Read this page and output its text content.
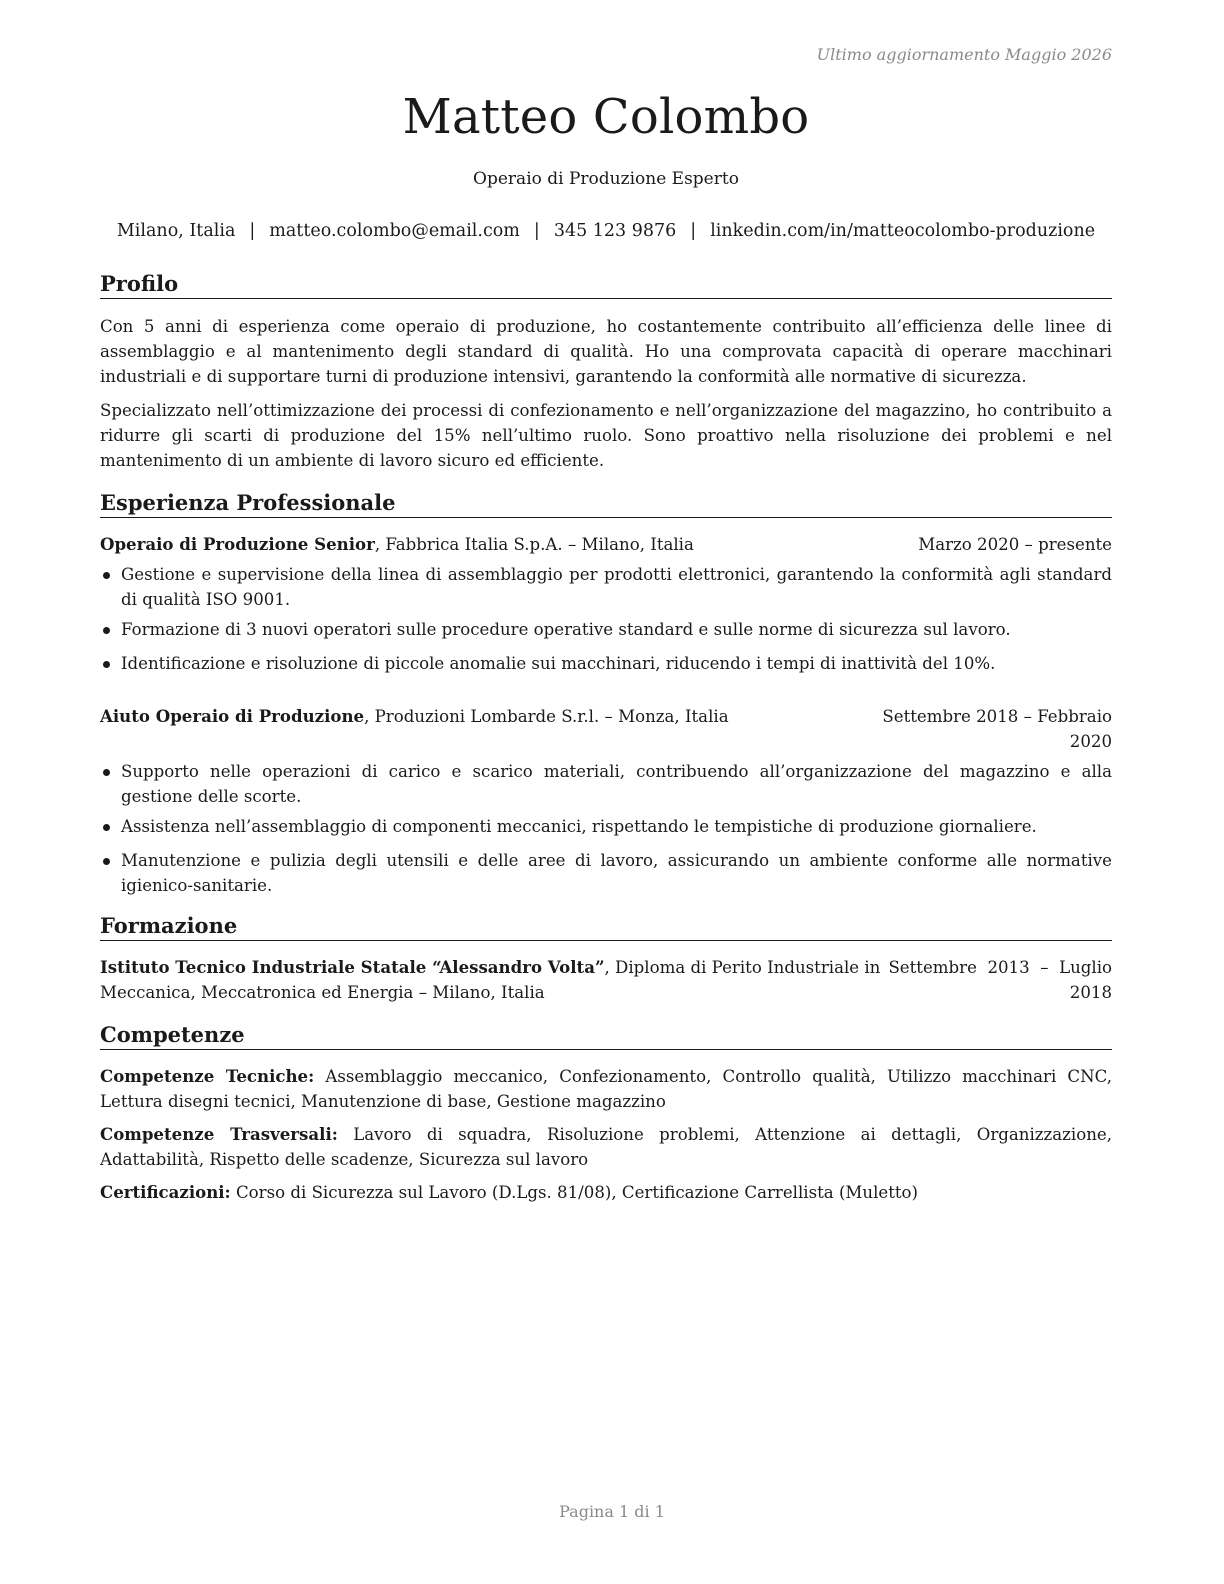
Ultimo aggiornamento Maggio 2026
Matteo Colombo
Operaio di Produzione Esperto
Milano, Italia | matteo.colombo@email.com | 345 123 9876 | linkedin.com/in/matteocolombo-produzione
Profilo

Con 5 anni di esperienza come operaio di produzione, ho costantemente contribuito all’efficienza delle linee di assemblaggio e al mantenimento degli standard di qualità. Ho una comprovata capacità di operare macchinari industriali e di supportare turni di produzione intensivi, garantendo la conformità alle normative di sicurezza.

Specializzato nell’ottimizzazione dei processi di confezionamento e nell’organizzazione del magazzino, ho contribuito a ridurre gli scarti di produzione del 15% nell’ultimo ruolo. Sono proattivo nella risoluzione dei problemi e nel mantenimento di un ambiente di lavoro sicuro ed efficiente.

Esperienza Professionale
Operaio di Produzione Senior, Fabbrica Italia S.p.A. – Milano, Italia	Marzo 2020 – presente
Gestione e supervisione della linea di assemblaggio per prodotti elettronici, garantendo la conformità agli standard di qualità ISO 9001.
Formazione di 3 nuovi operatori sulle procedure operative standard e sulle norme di sicurezza sul lavoro.
Identificazione e risoluzione di piccole anomalie sui macchinari, riducendo i tempi di inattività del 10%.
Aiuto Operaio di Produzione, Produzioni Lombarde S.r.l. – Monza, Italia	Settembre 2018 – Febbraio
2020
Supporto nelle operazioni di carico e scarico materiali, contribuendo all’organizzazione del magazzino e alla gestione delle scorte.
Assistenza nell’assemblaggio di componenti meccanici, rispettando le tempistiche di produzione giornaliere.
Manutenzione e pulizia degli utensili e delle aree di lavoro, assicurando un ambiente conforme alle normative igienico-sanitarie.
Formazione
Istituto Tecnico Industriale Statale “Alessandro Volta”, Diploma di Perito Industriale in
Meccanica, Meccatronica ed Energia – Milano, Italia
Settembre  2013  –  Luglio
2018
Competenze

Competenze Tecniche: Assemblaggio meccanico, Confezionamento, Controllo qualità, Utilizzo macchinari CNC, Lettura disegni tecnici, Manutenzione di base, Gestione magazzino

Competenze Trasversali: Lavoro di squadra, Risoluzione problemi, Attenzione ai dettagli, Organizzazione, Adattabilità, Rispetto delle scadenze, Sicurezza sul lavoro

Certificazioni: Corso di Sicurezza sul Lavoro (D.Lgs. 81/08), Certificazione Carrellista (Muletto)

Pagina 1 di 1
